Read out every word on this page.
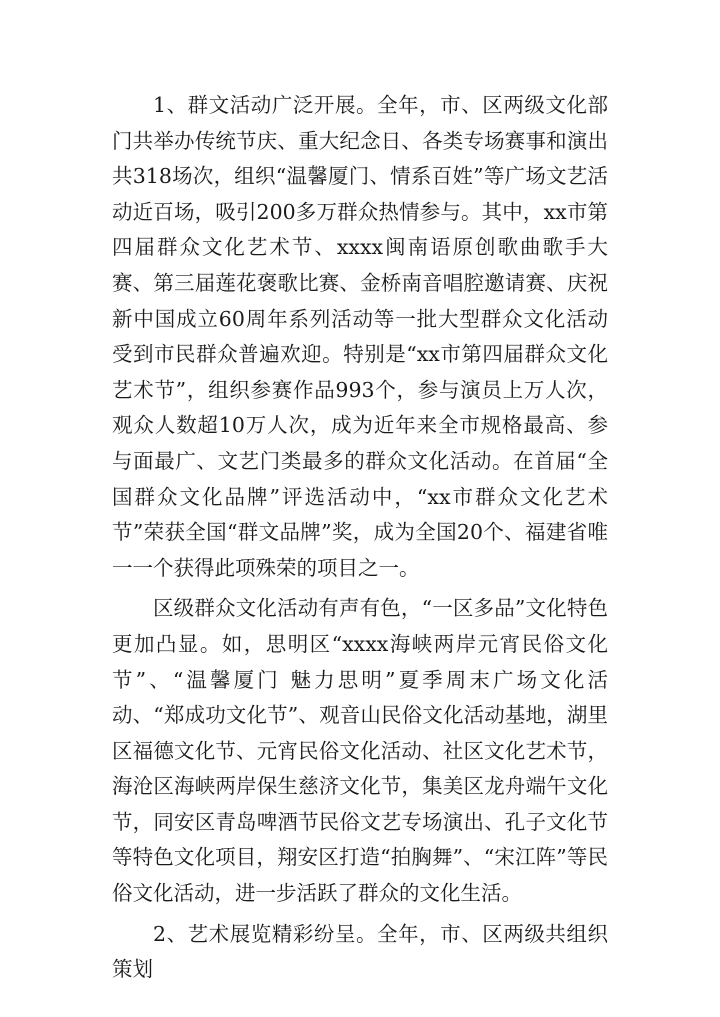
1、群文活动广泛开展。全年，市、区两级文化部门共举办传统节庆、重大纪念日、各类专场赛事和演出共318场次，组织“温馨厦门、情系百姓”等广场文艺活动近百场，吸引200多万群众热情参与。其中，xx市第四届群众文化艺术节、xxxx闽南语原创歌曲歌手大赛、第三届莲花褒歌比赛、金桥南音唱腔邀请赛、庆祝新中国成立60周年系列活动等一批大型群众文化活动受到市民群众普遍欢迎。特别是“xx市第四届群众文化艺术节”，组织参赛作品993个，参与演员上万人次，观众人数超10万人次，成为近年来全市规格最高、参与面最广、文艺门类最多的群众文化活动。在首届“全国群众文化品牌”评选活动中，“xx市群众文化艺术节”荣获全国“群文品牌”奖，成为全国20个、福建省唯一一个获得此项殊荣的项目之一。

区级群众文化活动有声有色，“一区多品”文化特色更加凸显。如，思明区“xxxx海峡两岸元宵民俗文化节”、“温馨厦门 魅力思明”夏季周末广场文化活动、“郑成功文化节”、观音山民俗文化活动基地，湖里区福德文化节、元宵民俗文化活动、社区文化艺术节，海沧区海峡两岸保生慈济文化节，集美区龙舟端午文化节，同安区青岛啤酒节民俗文艺专场演出、孔子文化节等特色文化项目，翔安区打造“拍胸舞”、“宋江阵”等民俗文化活动，进一步活跃了群众的文化生活。

2、艺术展览精彩纷呈。全年，市、区两级共组织策划
